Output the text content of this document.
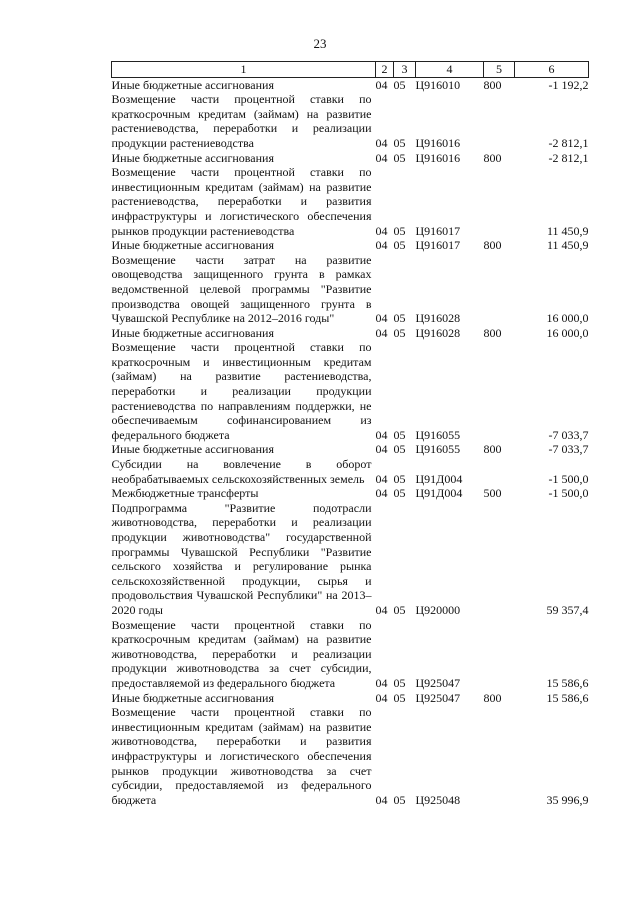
23
1	2	3	4	5	6
Иные бюджетные ассигнования	04	05	Ц916010	800	-1 192,2
Возмещение части процентной ставки по краткосрочным кредитам (займам) на развитие растениеводства, переработки и реализации продукции растениеводства	04	05	Ц916016		-2 812,1
Иные бюджетные ассигнования	04	05	Ц916016	800	-2 812,1
Возмещение части процентной ставки по инвестиционным кредитам (займам) на развитие растениеводства, переработки и развития инфраструктуры и логистического обеспечения рынков продукции растениеводства	04	05	Ц916017		11 450,9
Иные бюджетные ассигнования	04	05	Ц916017	800	11 450,9
Возмещение части затрат на развитие овощеводства защищенного грунта в рамках ведомственной целевой программы "Развитие производства овощей защищенного грунта в Чувашской Республике на 2012–2016 годы"	04	05	Ц916028		16 000,0
Иные бюджетные ассигнования	04	05	Ц916028	800	16 000,0
Возмещение части процентной ставки по краткосрочным и инвестиционным кредитам (займам) на развитие растениеводства, переработки и реализации продукции растениеводства по направлениям поддержки, не обеспечиваемым софинансированием из федерального бюджета	04	05	Ц916055		-7 033,7
Иные бюджетные ассигнования	04	05	Ц916055	800	-7 033,7
Субсидии на вовлечение в оборот необрабатываемых сельскохозяйственных земель	04	05	Ц91Д004		-1 500,0
Межбюджетные трансферты	04	05	Ц91Д004	500	-1 500,0
Подпрограмма "Развитие подотрасли животноводства, переработки и реализации продукции животноводства" государственной программы Чувашской Республики "Развитие сельского хозяйства и регулирование рынка сельскохозяйственной продукции, сырья и продовольствия Чувашской Республики" на 2013–2020 годы	04	05	Ц920000		59 357,4
Возмещение части процентной ставки по краткосрочным кредитам (займам) на развитие животноводства, переработки и реализации продукции животноводства за счет субсидии, предоставляемой из федерального бюджета	04	05	Ц925047		15 586,6
Иные бюджетные ассигнования	04	05	Ц925047	800	15 586,6
Возмещение части процентной ставки по инвестиционным кредитам (займам) на развитие животноводства, переработки и развития инфраструктуры и логистического обеспечения рынков продукции животноводства за счет субсидии, предоставляемой из федерального бюджета	04	05	Ц925048		35 996,9
